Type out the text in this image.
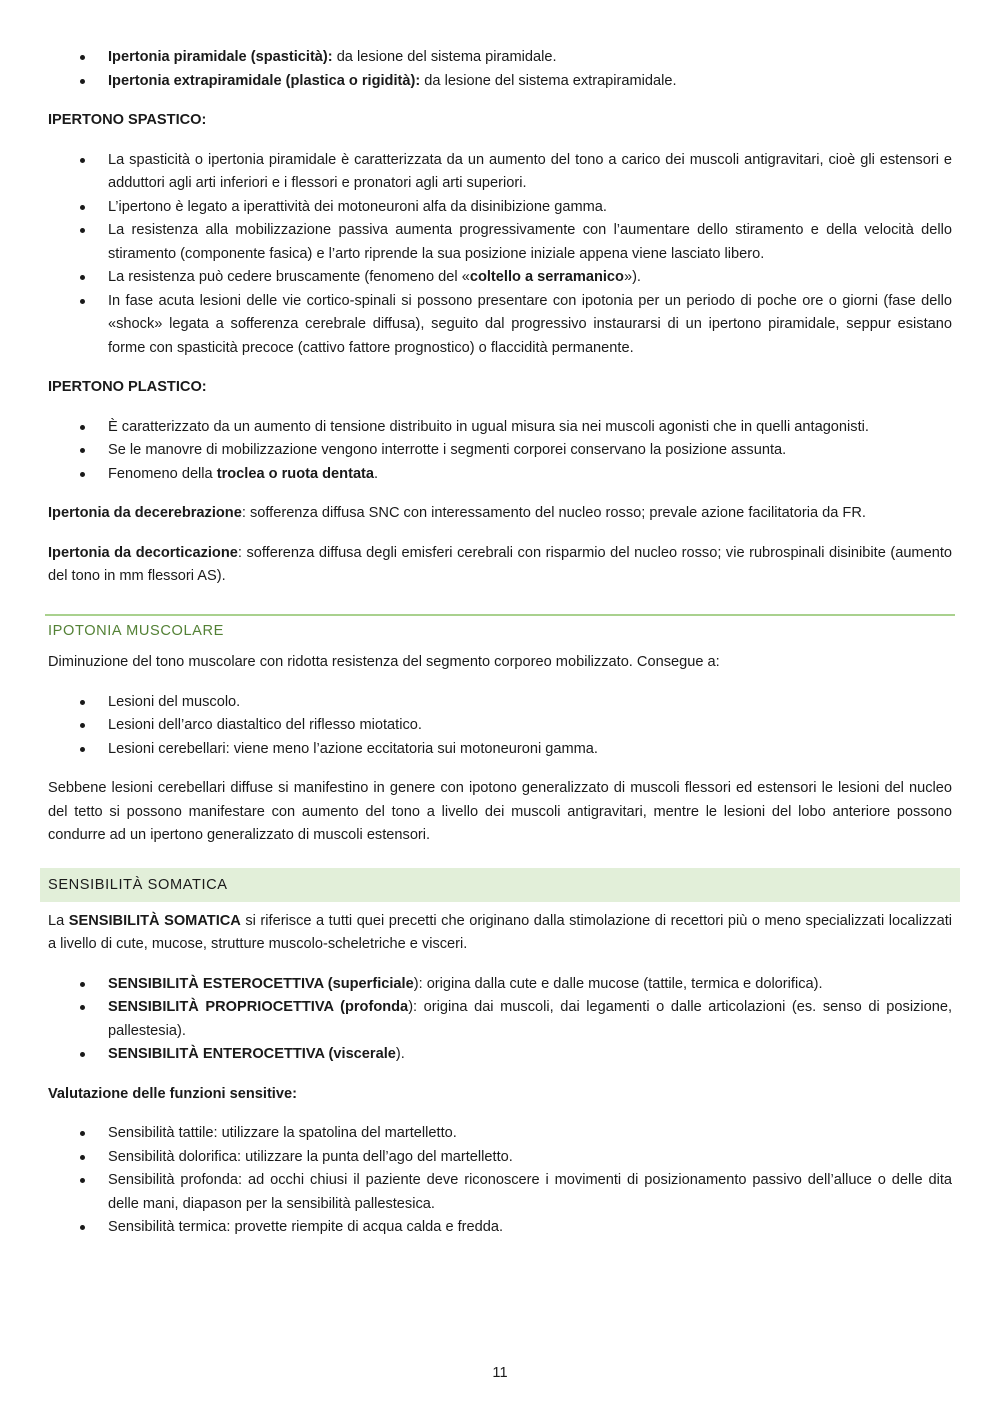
Ipertonia piramidale (spasticità): da lesione del sistema piramidale.
Ipertonia extrapiramidale (plastica o rigidità): da lesione del sistema extrapiramidale.

IPERTONO SPASTICO:

La spasticità o ipertonia piramidale è caratterizzata da un aumento del tono a carico dei muscoli antigravitari, cioè gli estensori e adduttori agli arti inferiori e i flessori e pronatori agli arti superiori.
L’ipertono è legato a iperattività dei motoneuroni alfa da disinibizione gamma.
La resistenza alla mobilizzazione passiva aumenta progressivamente con l’aumentare dello stiramento e della velocità dello stiramento (componente fasica) e l’arto riprende la sua posizione iniziale appena viene lasciato libero.
La resistenza può cedere bruscamente (fenomeno del «coltello a serramanico»).
In fase acuta lesioni delle vie cortico-spinali si possono presentare con ipotonia per un periodo di poche ore o giorni (fase dello «shock» legata a sofferenza cerebrale diffusa), seguito dal progressivo instaurarsi di un ipertono piramidale, seppur esistano forme con spasticità precoce (cattivo fattore prognostico) o flaccidità permanente.

IPERTONO PLASTICO:

È caratterizzato da un aumento di tensione distribuito in ugual misura sia nei muscoli agonisti che in quelli antagonisti.
Se le manovre di mobilizzazione vengono interrotte i segmenti corporei conservano la posizione assunta.
Fenomeno della troclea o ruota dentata.

Ipertonia da decerebrazione: sofferenza diffusa SNC con interessamento del nucleo rosso; prevale azione facilitatoria da FR.

Ipertonia da decorticazione: sofferenza diffusa degli emisferi cerebrali con risparmio del nucleo rosso; vie rubrospinali disinibite (aumento del tono in mm flessori AS).

IPOTONIA MUSCOLARE

Diminuzione del tono muscolare con ridotta resistenza del segmento corporeo mobilizzato. Consegue a:

Lesioni del muscolo.
Lesioni dell’arco diastaltico del riflesso miotatico.
Lesioni cerebellari: viene meno l’azione eccitatoria sui motoneuroni gamma.

Sebbene lesioni cerebellari diffuse si manifestino in genere con ipotono generalizzato di muscoli flessori ed estensori le lesioni del nucleo del tetto si possono manifestare con aumento del tono a livello dei muscoli antigravitari, mentre le lesioni del lobo anteriore possono condurre ad un ipertono generalizzato di muscoli estensori.

SENSIBILITÀ SOMATICA

La SENSIBILITÀ SOMATICA si riferisce a tutti quei precetti che originano dalla stimolazione di recettori più o meno specializzati localizzati a livello di cute, mucose, strutture muscolo-scheletriche e visceri.

SENSIBILITÀ ESTEROCETTIVA (superficiale): origina dalla cute e dalle mucose (tattile, termica e dolorifica).
SENSIBILITÀ PROPRIOCETTIVA (profonda): origina dai muscoli, dai legamenti o dalle articolazioni (es. senso di posizione, pallestesia).
SENSIBILITÀ ENTEROCETTIVA (viscerale).

Valutazione delle funzioni sensitive:

Sensibilità tattile: utilizzare la spatolina del martelletto.
Sensibilità dolorifica: utilizzare la punta dell’ago del martelletto.
Sensibilità profonda: ad occhi chiusi il paziente deve riconoscere i movimenti di posizionamento passivo dell’alluce o delle dita delle mani, diapason per la sensibilità pallestesica.
Sensibilità termica: provette riempite di acqua calda e fredda.
11
